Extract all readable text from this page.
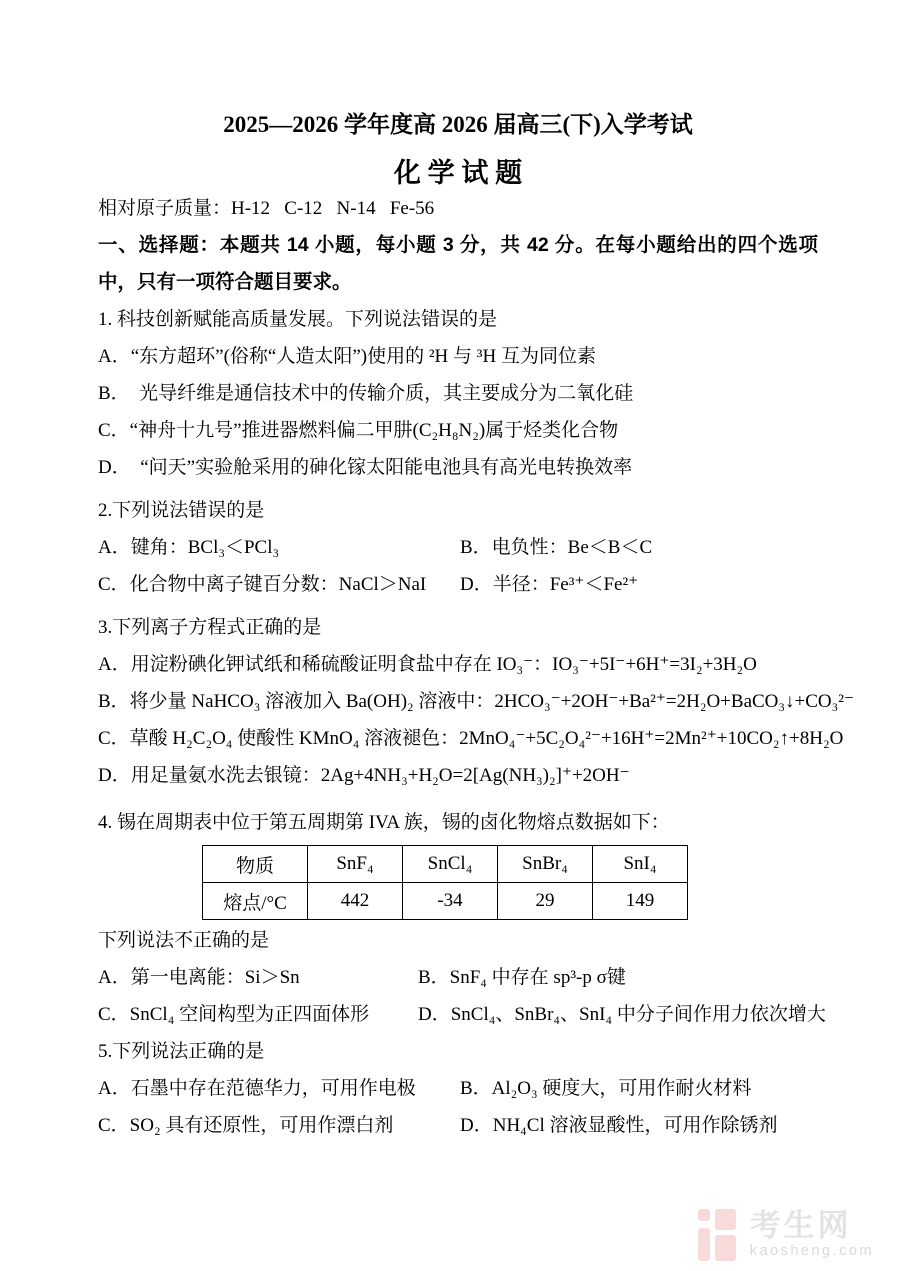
2025—2026 学年度高 2026 届高三(下)入学考试
化 学 试 题

相对原子质量：H-12   C-12   N-14   Fe-56

一、选择题：本题共 14 小题，每小题 3 分，共 42 分。在每小题给出的四个选项中，只有一项符合题目要求。

1. 科技创新赋能高质量发展。下列说法错误的是

A．“东方超环”(俗称“人造太阳”)使用的 ²H 与 ³H 互为同位素

B．  光导纤维是通信技术中的传输介质，其主要成分为二氧化硅

C．“神舟十九号”推进器燃料偏二甲肼(C₂H₈N₂)属于烃类化合物

D．  “问天”实验舱采用的砷化镓太阳能电池具有高光电转换效率

2.下列说法错误的是

A．键角：BCl₃＜PCl₃	B．电负性：Be＜B＜C

C．化合物中离子键百分数：NaCl＞NaI	D．半径：Fe³⁺＜Fe²⁺

3.下列离子方程式正确的是

A．用淀粉碘化钾试纸和稀硫酸证明食盐中存在 IO₃⁻：IO₃⁻+5I⁻+6H⁺=3I₂+3H₂O

B．将少量 NaHCO₃ 溶液加入 Ba(OH)₂ 溶液中：2HCO₃⁻+2OH⁻+Ba²⁺=2H₂O+BaCO₃↓+CO₃²⁻

C．草酸 H₂C₂O₄ 使酸性 KMnO₄ 溶液褪色：2MnO₄⁻+5C₂O₄²⁻+16H⁺=2Mn²⁺+10CO₂↑+8H₂O

D．用足量氨水洗去银镜：2Ag+4NH₃+H₂O=2[Ag(NH₃)₂]⁺+2OH⁻

4. 锡在周期表中位于第五周期第 IVA 族，锡的卤化物熔点数据如下：

物质	SnF₄	SnCl₄	SnBr₄	SnI₄
熔点/°C	442	-34	29	149

下列说法不正确的是

A．第一电离能：Si＞Sn	B．SnF₄ 中存在 sp³-p σ键

C．SnCl₄ 空间构型为正四面体形	D．SnCl₄、SnBr₄、SnI₄ 中分子间作用力依次增大

5.下列说法正确的是

A．石墨中存在范德华力，可用作电极	B．Al₂O₃ 硬度大，可用作耐火材料

C．SO₂ 具有还原性，可用作漂白剂	D．NH₄Cl 溶液显酸性，可用作除锈剂

考生网
kaosheng.com
